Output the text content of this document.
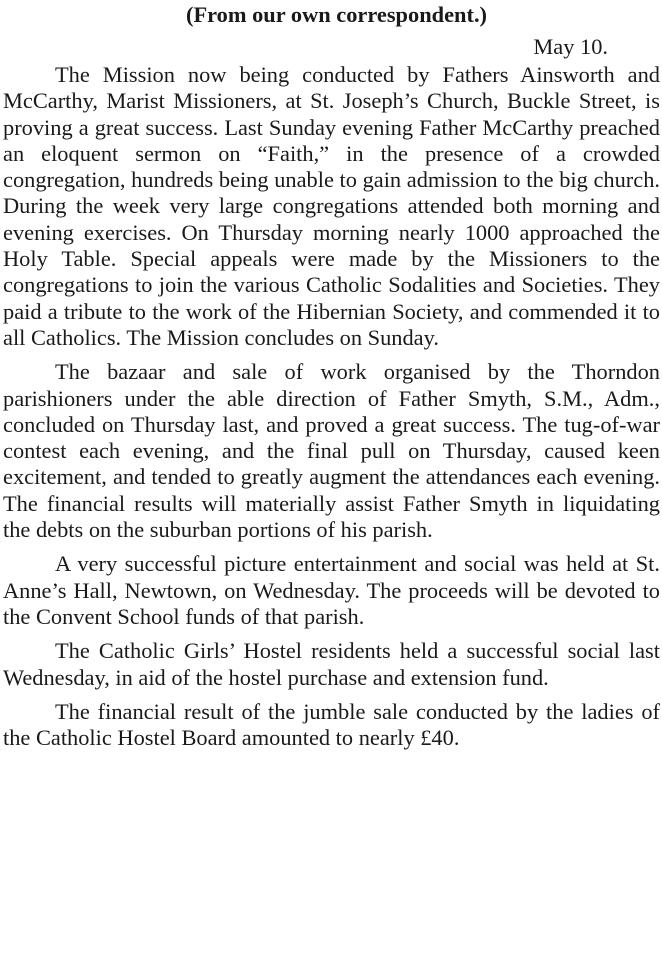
(From our own correspondent.)

May 10.

The Mission now being conducted by Fathers Ainsworth and McCarthy, Marist Missioners, at St. Joseph’s Church, Buckle Street, is proving a great success. Last Sunday evening Father McCarthy preached an eloquent sermon on “Faith,” in the presence of a crowded congregation, hundreds being unable to gain admission to the big church. During the week very large congregations attended both morning and evening exercises. On Thursday morning nearly 1000 approached the Holy Table. Special appeals were made by the Missioners to the congregations to join the various Catholic Sodalities and Societies. They paid a tribute to the work of the Hibernian Society, and commended it to all Catholics. The Mission concludes on Sunday.

The bazaar and sale of work organised by the Thorndon parishioners under the able direction of Father Smyth, S.M., Adm., concluded on Thursday last, and proved a great success. The tug-of-war contest each evening, and the final pull on Thursday, caused keen excitement, and tended to greatly augment the attendances each evening. The financial results will materially assist Father Smyth in liquidating the debts on the suburban portions of his parish.

A very successful picture entertainment and social was held at St. Anne’s Hall, Newtown, on Wednesday. The proceeds will be devoted to the Convent School funds of that parish.

The Catholic Girls’ Hostel residents held a successful social last Wednesday, in aid of the hostel purchase and extension fund.

The financial result of the jumble sale conducted by the ladies of the Catholic Hostel Board amounted to nearly £40.
